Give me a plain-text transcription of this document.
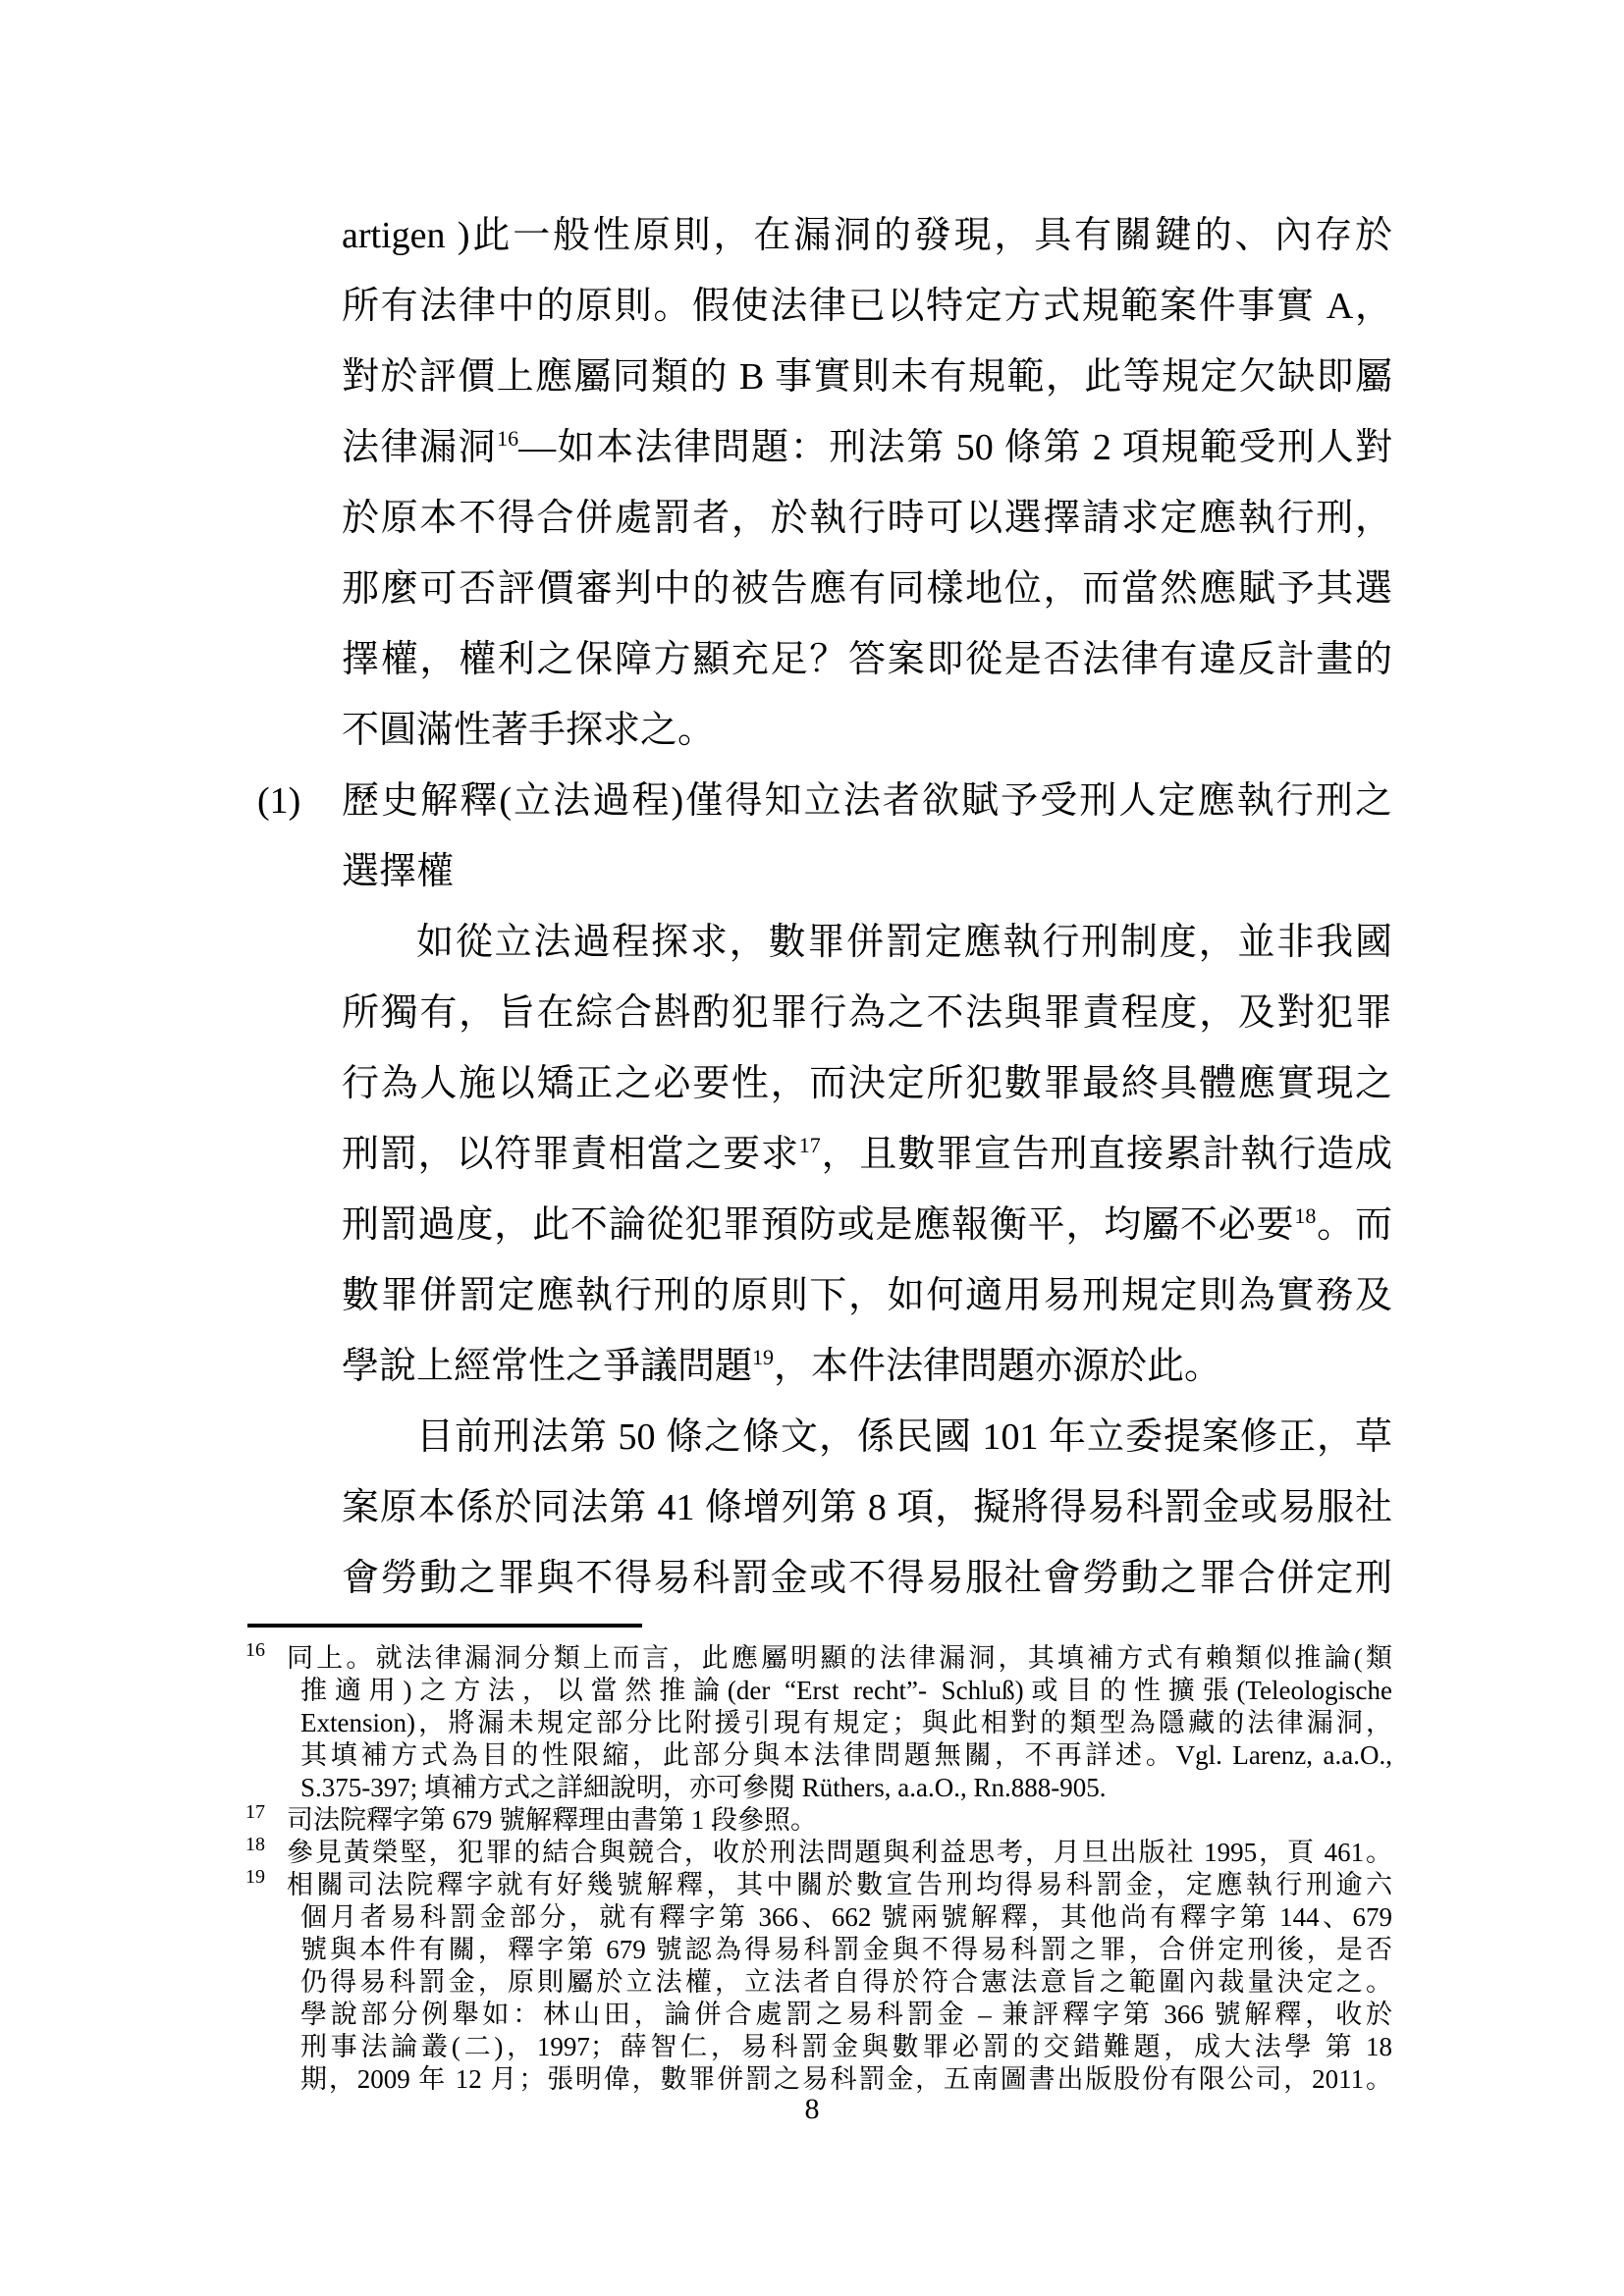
artigen )此一般性原則，在漏洞的發現，具有關鍵的、內存於
所有法律中的原則。假使法律已以特定方式規範案件事實 A，
對於評價上應屬同類的 B 事實則未有規範，此等規定欠缺即屬
法律漏洞$^{16}$—如本法律問題：刑法第 50 條第 2 項規範受刑人對
於原本不得合併處罰者，於執行時可以選擇請求定應執行刑，
那麼可否評價審判中的被告應有同樣地位，而當然應賦予其選
擇權，權利之保障方顯充足？答案即從是否法律有違反計畫的
不圓滿性著手探求之。
(1) 歷史解釋(立法過程)僅得知立法者欲賦予受刑人定應執行刑之
選擇權
如從立法過程探求，數罪併罰定應執行刑制度，並非我國
所獨有，旨在綜合斟酌犯罪行為之不法與罪責程度，及對犯罪
行為人施以矯正之必要性，而決定所犯數罪最終具體應實現之
刑罰，以符罪責相當之要求$^{17}$，且數罪宣告刑直接累計執行造成
刑罰過度，此不論從犯罪預防或是應報衡平，均屬不必要$^{18}$。而
數罪併罰定應執行刑的原則下，如何適用易刑規定則為實務及
學說上經常性之爭議問題$^{19}$，本件法律問題亦源於此。
目前刑法第 50 條之條文，係民國 101 年立委提案修正，草
案原本係於同法第 41 條增列第 8 項，擬將得易科罰金或易服社
會勞動之罪與不得易科罰金或不得易服社會勞動之罪合併定刑
16 同上。就法律漏洞分類上而言，此應屬明顯的法律漏洞，其填補方式有賴類似推論(類
推適用)之方法，以當然推論(der “Erst recht”- Schluß)或目的性擴張(Teleologische
Extension)，將漏未規定部分比附援引現有規定；與此相對的類型為隱藏的法律漏洞，
其填補方式為目的性限縮，此部分與本法律問題無關，不再詳述。Vgl. Larenz, a.a.O.,
S.375-397; 填補方式之詳細說明，亦可參閱 Rüthers, a.a.O., Rn.888-905.
17 司法院釋字第 679 號解釋理由書第 1 段參照。
18 參見黃榮堅，犯罪的結合與競合，收於刑法問題與利益思考，月旦出版社 1995，頁 461。
19 相關司法院釋字就有好幾號解釋，其中關於數宣告刑均得易科罰金，定應執行刑逾六
個月者易科罰金部分，就有釋字第 366、662 號兩號解釋，其他尚有釋字第 144、679
號與本件有關，釋字第 679 號認為得易科罰金與不得易科罰之罪，合併定刑後，是否
仍得易科罰金，原則屬於立法權，立法者自得於符合憲法意旨之範圍內裁量決定之。
學說部分例舉如：林山田，論併合處罰之易科罰金 – 兼評釋字第 366 號解釋，收於
刑事法論叢(二)，1997；薛智仁，易科罰金與數罪必罰的交錯難題，成大法學 第 18
期，2009 年 12 月；張明偉，數罪併罰之易科罰金，五南圖書出版股份有限公司，2011。
8
